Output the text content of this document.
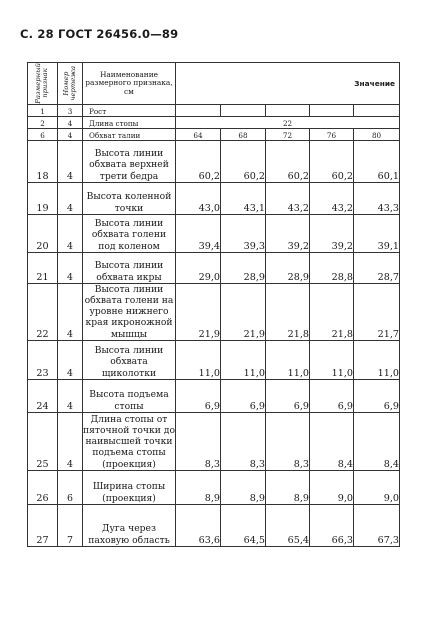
С. 28 ГОСТ 26456.0—89
Размерный признак	Номер чертежа	Наименование размерного признака, см	Значение				
1	3	Рост					
2	4	Длина стопы	22				
6	4	Обхват талии	64	68	72	76	80
18	4	Высота линии обхвата верхней трети бедра	60,2	60,2	60,2	60,2	60,1
19	4	Высота коленной точки	43,0	43,1	43,2	43,2	43,3
20	4	Высота линии обхвата голени под коленом	39,4	39,3	39,2	39,2	39,1
21	4	Высота линии обхвата икры	29,0	28,9	28,9	28,8	28,7
22	4	Высота линии обхвата голени на уровне нижнего края икроножной мышцы	21,9	21,9	21,8	21,8	21,7
23	4	Высота линии обхвата щиколотки	11,0	11,0	11,0	11,0	11,0
24	4	Высота подъема стопы	6,9	6,9	6,9	6,9	6,9
25	4	Длина стопы от пяточной точки до наивысшей точки подъема стопы (проекция)	8,3	8,3	8,3	8,4	8,4
26	6	Ширина стопы (проекция)	8,9	8,9	8,9	9,0	9,0
27	7	Дуга через паховую область	63,6	64,5	65,4	66,3	67,3
